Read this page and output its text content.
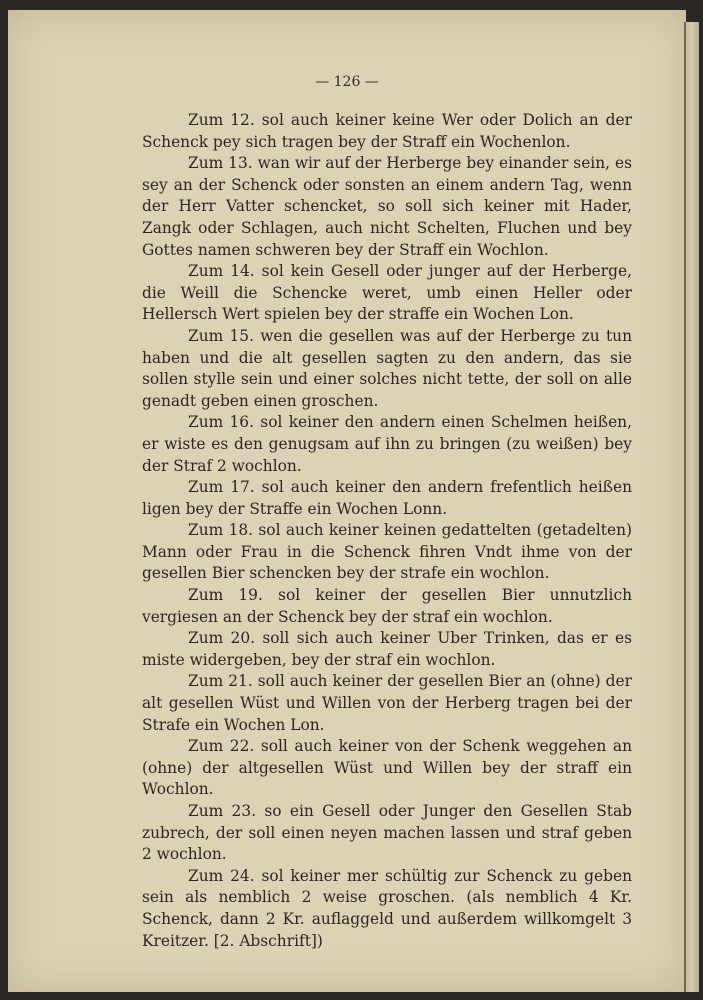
— 126 —

Zum 12. sol auch keiner keine Wer oder Dolich an der Schenck pey sich tragen bey der Straff ein Wochenlon.

Zum 13. wan wir auf der Herberge bey einander sein, es sey an der Schenck oder sonsten an einem andern Tag, wenn der Herr Vatter schencket, so soll sich keiner mit Hader, Zangk oder Schlagen, auch nicht Schelten, Fluchen und bey Gottes namen schweren bey der Straff ein Wochlon.

Zum 14. sol kein Gesell oder junger auf der Herberge, die Weill die Schencke weret, umb einen Heller oder Hellersch Wert spielen bey der straffe ein Wochen Lon.

Zum 15. wen die gesellen was auf der Herberge zu tun haben und die alt gesellen sagten zu den andern, das sie sollen stylle sein und einer solches nicht tette, der soll on alle genadt geben einen groschen.

Zum 16. sol keiner den andern einen Schelmen heißen, er wiste es den genugsam auf ihn zu bringen (zu weißen) bey der Straf 2 wochlon.

Zum 17. sol auch keiner den andern frefentlich heißen ligen bey der Straffe ein Wochen Lonn.

Zum 18. sol auch keiner keinen gedattelten (getadelten) Mann oder Frau in die Schenck fihren Vndt ihme von der gesellen Bier schencken bey der strafe ein wochlon.

Zum 19. sol keiner der gesellen Bier unnutzlich vergiesen an der Schenck bey der straf ein wochlon.

Zum 20. soll sich auch keiner Uber Trinken, das er es miste widergeben, bey der straf ein wochlon.

Zum 21. soll auch keiner der gesellen Bier an (ohne) der alt gesellen Wüst und Willen von der Herberg tragen bei der Strafe ein Wochen Lon.

Zum 22. soll auch keiner von der Schenk weggehen an (ohne) der altgesellen Wüst und Willen bey der straff ein Wochlon.

Zum 23. so ein Gesell oder Junger den Gesellen Stab zubrech, der soll einen neyen machen lassen und straf geben 2 wochlon.

Zum 24. sol keiner mer schültig zur Schenck zu geben sein als nemblich 2 weise groschen. (als nemblich 4 Kr. Schenck, dann 2 Kr. auflaggeld und außerdem willkomgelt 3 Kreitzer. [2. Abschrift])
